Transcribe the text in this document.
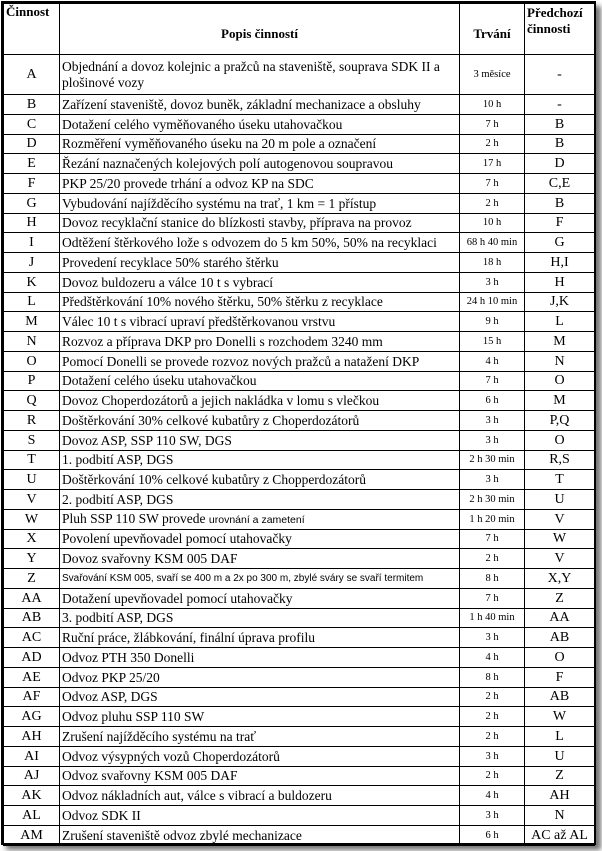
Činnost	Popis činností	Trvání	Předchozí činnosti
A	Objednání a dovoz kolejnic a pražců na staveniště, souprava SDK II a plošinové vozy	3 měsíce	-
B	Zařízení staveniště, dovoz buněk, základní mechanizace a obsluhy	10 h	-
C	Dotažení celého vyměňovaného úseku utahovačkou	7 h	B
D	Rozměření vyměňovaného úseku na 20 m pole a označení	2 h	B
E	Řezání naznačených kolejových polí autogenovou soupravou	17 h	D
F	PKP 25/20 provede trhání a odvoz KP na SDC	7 h	C,E
G	Vybudování najížděcího systému na trať, 1 km = 1 přístup	2 h	B
H	Dovoz recyklační stanice do blízkosti stavby, příprava na provoz	10 h	F
I	Odtěžení štěrkového lože s odvozem do 5 km 50%, 50% na recyklaci	68 h 40 min	G
J	Provedení recyklace 50% starého štěrku	18 h	H,I
K	Dovoz buldozeru a válce 10 t s vybrací	3 h	H
L	Předštěrkování 10% nového štěrku, 50% štěrku z recyklace	24 h 10 min	J,K
M	Válec 10 t s vibrací upraví předštěrkovanou vrstvu	9 h	L
N	Rozvoz a příprava DKP pro Donelli s rozchodem 3240 mm	15 h	M
O	Pomocí Donelli se provede rozvoz nových pražců a natažení DKP	4 h	N
P	Dotažení celého úseku utahovačkou	7 h	O
Q	Dovoz Choperdozátorů a jejich nakládka v lomu s vlečkou	6 h	M
R	Doštěrkování 30% celkové kubatůry z Choperdozátorů	3 h	P,Q
S	Dovoz ASP, SSP 110 SW, DGS	3 h	O
T	1. podbití ASP, DGS	2 h 30 min	R,S
U	Doštěrkování 10% celkové kubatůry z Chopperdozátorů	3 h	T
V	2. podbití ASP, DGS	2 h 30 min	U
W	Pluh SSP 110 SW provede urovnání a zametení	1 h 20 min	V
X	Povolení upevňovadel pomocí utahovačky	7 h	W
Y	Dovoz svařovny KSM 005 DAF	2 h	V
Z	Svařování KSM 005, svaří se 400 m a 2x po 300 m, zbylé sváry se svaří termitem	8 h	X,Y
AA	Dotažení upevňovadel pomocí utahovačky	7 h	Z
AB	3. podbití ASP, DGS	1 h 40 min	AA
AC	Ruční práce, žlábkování, finální úprava profilu	3 h	AB
AD	Odvoz PTH 350 Donelli	4 h	O
AE	Odvoz PKP 25/20	8 h	F
AF	Odvoz ASP, DGS	2 h	AB
AG	Odvoz pluhu SSP 110 SW	2 h	W
AH	Zrušení najížděcího systému na trať	2 h	L
AI	Odvoz výsypných vozů Choperdozátorů	3 h	U
AJ	Odvoz svařovny KSM 005 DAF	2 h	Z
AK	Odvoz nákladních aut, válce s vibrací a buldozeru	4 h	AH
AL	Odvoz SDK II	3 h	N
AM	Zrušení staveniště odvoz zbylé mechanizace	6 h	AC až AL
